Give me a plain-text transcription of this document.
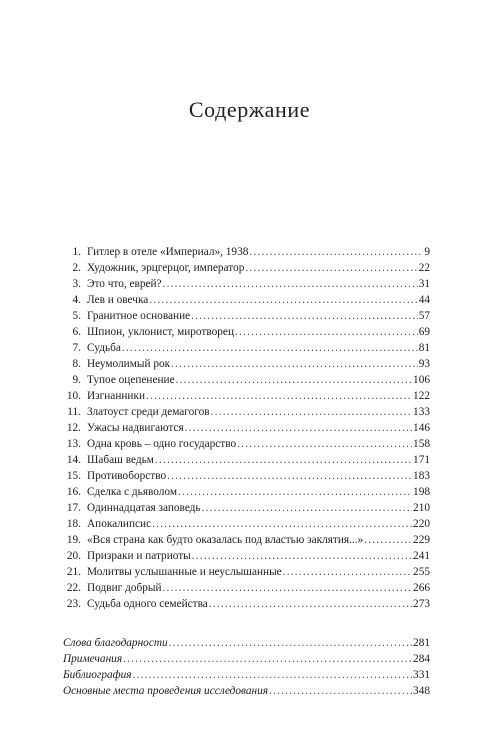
Содержание
1. Гитлер в отеле «Империал», 1938 .....	9
2. Художник, эрцгерцог, император .....	22
3. Это что, еврей? .....	31
4. Лев и овечка .....	44
5. Гранитное основание .....	57
6. Шпион, уклонист, миротворец .....	69
7. Судьба .....	81
8. Неумолимый рок .....	93
9. Тупое оцепенение .....	106
10. Изгнанники .....	122
11. Златоуст среди демагогов .....	133
12. Ужасы надвигаются .....	146
13. Одна кровь – одно государство .....	158
14. Шабаш ведьм .....	171
15. Противоборство .....	183
16. Сделка с дьяволом .....	198
17. Одиннадцатая заповедь .....	210
18. Апокалипсис .....	220
19. «Вся страна как будто оказалась под властью заклятия...» .....	229
20. Призраки и патриоты .....	241
21. Молитвы услышанные и неуслышанные .....	255
22. Подвиг добрый .....	266
23. Судьба одного семейства .....	273
Слова благодарности .....	281
Примечания .....	284
Библиография .....	331
Основные места проведения исследования .....	348
